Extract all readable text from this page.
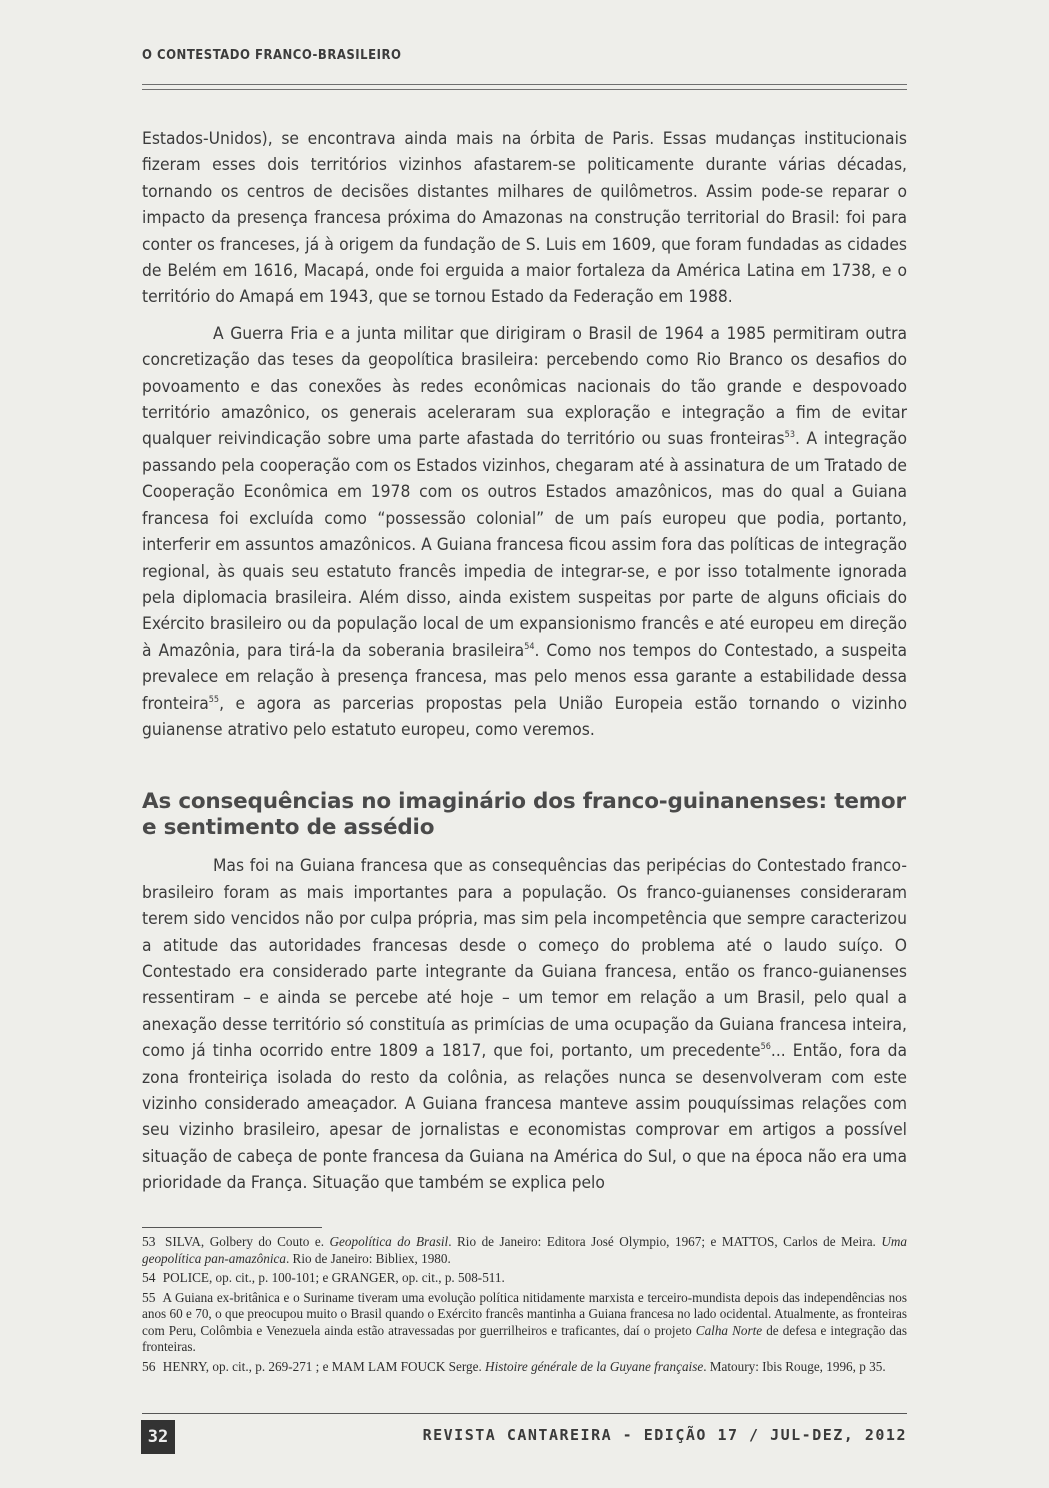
O CONTESTADO FRANCO-BRASILEIRO

Estados-Unidos), se encontrava ainda mais na órbita de Paris. Essas mudanças institucionais fizeram esses dois territórios vizinhos afastarem-se politicamente durante várias décadas, tornando os centros de decisões distantes milhares de quilômetros. Assim pode-se reparar o impacto da presença francesa próxima do Amazonas na construção territorial do Brasil: foi para conter os franceses, já à origem da fundação de S. Luis em 1609, que foram fundadas as cidades de Belém em 1616, Macapá, onde foi erguida a maior fortaleza da América Latina em 1738, e o território do Amapá em 1943, que se tornou Estado da Federação em 1988.

A Guerra Fria e a junta militar que dirigiram o Brasil de 1964 a 1985 permitiram outra concretização das teses da geopolítica brasileira: percebendo como Rio Branco os desafios do povoamento e das conexões às redes econômicas nacionais do tão grande e despovoado território amazônico, os generais aceleraram sua exploração e integração a fim de evitar qualquer reivindicação sobre uma parte afastada do território ou suas fronteiras$^{53}$. A integração passando pela cooperação com os Estados vizinhos, chegaram até à assinatura de um Tratado de Cooperação Econômica em 1978 com os outros Estados amazônicos, mas do qual a Guiana francesa foi excluída como “possessão colonial” de um país europeu que podia, portanto, interferir em assuntos amazônicos. A Guiana francesa ficou assim fora das políticas de integração regional, às quais seu estatuto francês impedia de integrar-se, e por isso totalmente ignorada pela diplomacia brasileira. Além disso, ainda existem suspeitas por parte de alguns oficiais do Exército brasileiro ou da população local de um expansionismo francês e até europeu em direção à Amazônia, para tirá-la da soberania brasileira$^{54}$. Como nos tempos do Contestado, a suspeita prevalece em relação à presença francesa, mas pelo menos essa garante a estabilidade dessa fronteira$^{55}$, e agora as parcerias propostas pela União Europeia estão tornando o vizinho guianense atrativo pelo estatuto europeu, como veremos.

As consequências no imaginário dos franco-guinanenses: temor e sentimento de assédio

Mas foi na Guiana francesa que as consequências das peripécias do Contestado franco-brasileiro foram as mais importantes para a população. Os franco-guianenses consideraram terem sido vencidos não por culpa própria, mas sim pela incompetência que sempre caracterizou a atitude das autoridades francesas desde o começo do problema até o laudo suíço. O Contestado era considerado parte integrante da Guiana francesa, então os franco-guianenses ressentiram – e ainda se percebe até hoje – um temor em relação a um Brasil, pelo qual a anexação desse território só constituía as primícias de uma ocupação da Guiana francesa inteira, como já tinha ocorrido entre 1809 a 1817, que foi, portanto, um precedente$^{56}$... Então, fora da zona fronteiriça isolada do resto da colônia, as relações nunca se desenvolveram com este vizinho considerado ameaçador. A Guiana francesa manteve assim pouquíssimas relações com seu vizinho brasileiro, apesar de jornalistas e economistas comprovar em artigos a possível situação de cabeça de ponte francesa da Guiana na América do Sul, o que na época não era uma prioridade da França. Situação que também se explica pelo

53 SILVA, Golbery do Couto e. Geopolítica do Brasil. Rio de Janeiro: Editora José Olympio, 1967; e MATTOS, Carlos de Meira. Uma geopolítica pan-amazônica. Rio de Janeiro: Bibliex, 1980.
54 POLICE, op. cit., p. 100-101; e GRANGER, op. cit., p. 508-511.
55 A Guiana ex-britânica e o Suriname tiveram uma evolução política nitidamente marxista e terceiro-mundista depois das independências nos anos 60 e 70, o que preocupou muito o Brasil quando o Exército francês mantinha a Guiana francesa no lado ocidental. Atualmente, as fronteiras com Peru, Colômbia e Venezuela ainda estão atravessadas por guerrilheiros e traficantes, daí o projeto Calha Norte de defesa e integração das fronteiras.
56 HENRY, op. cit., p. 269-271 ; e MAM LAM FOUCK Serge. Histoire générale de la Guyane française. Matoury: Ibis Rouge, 1996, p 35.
32	REVISTA CANTAREIRA - EDIÇÃO 17 / JUL-DEZ, 2012
